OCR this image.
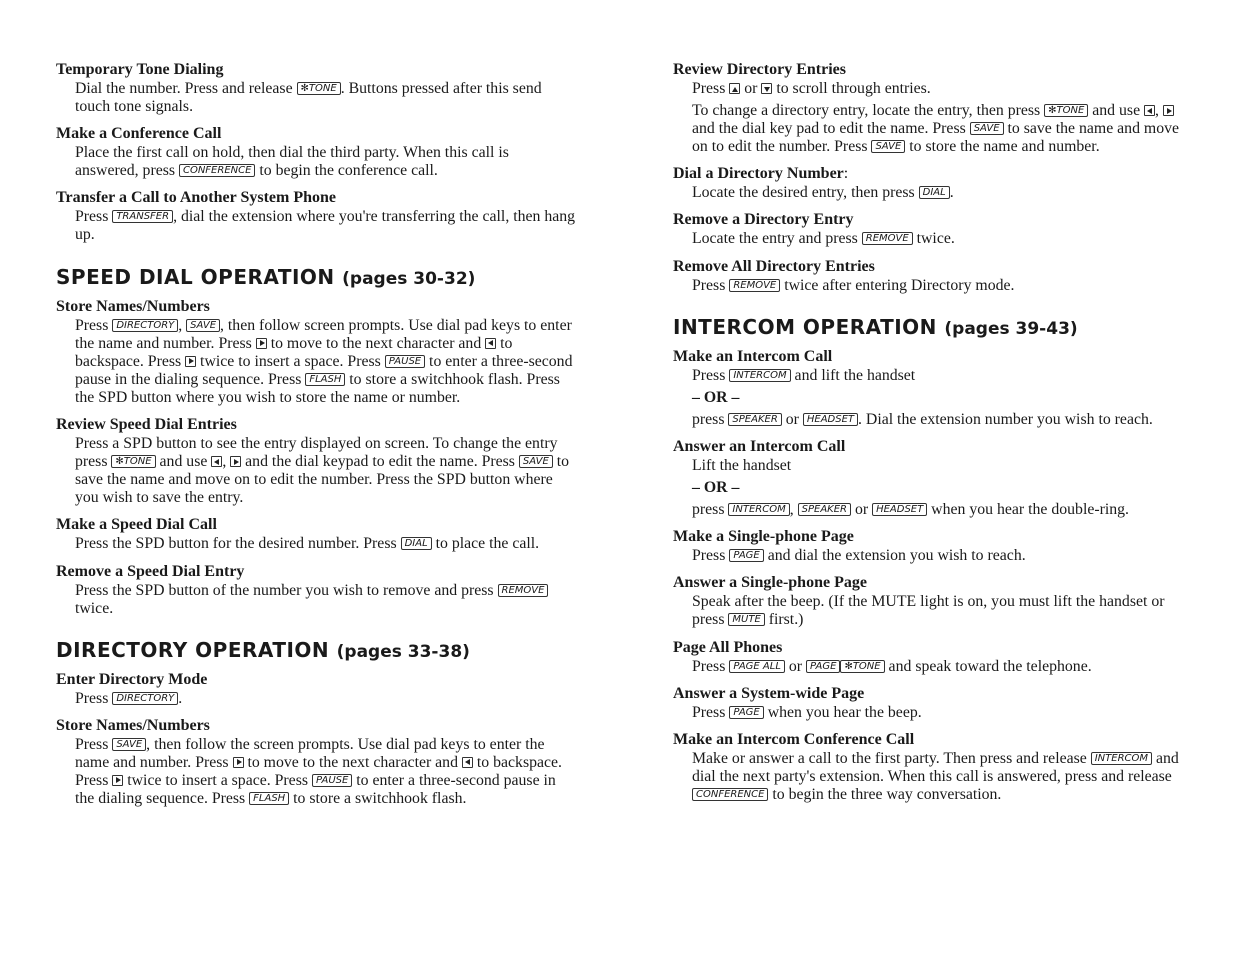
Temporary Tone Dialing
Dial the number. Press and release ✻TONE . Buttons pressed after this send touch tone signals.
Make a Conference Call
Place the first call on hold, then dial the third party. When this call is answered, press CONFERENCE to begin the conference call.
Transfer a Call to Another System Phone
Press TRANSFER , dial the extension where you're transferring the call, then hang up.
SPEED DIAL OPERATION (pages 30-32)
Store Names/Numbers
Press DIRECTORY , SAVE , then follow screen prompts. Use dial pad keys to enter the name and number. Press  to move to the next character and  to backspace. Press  twice to insert a space. Press PAUSE to enter a three-second pause in the dialing sequence. Press FLASH to store a switchhook flash. Press the SPD button where you wish to store the name or number.
Review Speed Dial Entries
Press a SPD button to see the entry displayed on screen. To change the entry press ✻TONE and use ,  and the dial keypad to edit the name. Press SAVE to save the name and move on to edit the number. Press the SPD button where you wish to save the entry.
Make a Speed Dial Call
Press the SPD button for the desired number. Press DIAL to place the call.
Remove a Speed Dial Entry
Press the SPD button of the number you wish to remove and press REMOVE twice.
DIRECTORY OPERATION (pages 33-38)
Enter Directory Mode
Press DIRECTORY .
Store Names/Numbers
Press SAVE , then follow the screen prompts. Use dial pad keys to enter the name and number. Press  to move to the next character and  to backspace. Press  twice to insert a space. Press PAUSE to enter a three-second pause in the dialing sequence. Press FLASH to store a switchhook flash.
Review Directory Entries
Press  or  to scroll through entries.
To change a directory entry, locate the entry, then press ✻TONE and use ,  and the dial key pad to edit the name. Press SAVE to save the name and move on to edit the number. Press SAVE to store the name and number.
Dial a Directory Number:
Locate the desired entry, then press DIAL .
Remove a Directory Entry
Locate the entry and press REMOVE twice.
Remove All Directory Entries
Press REMOVE twice after entering Directory mode.
INTERCOM OPERATION (pages 39-43)
Make an Intercom Call
Press INTERCOM and lift the handset
– OR –
press SPEAKER or HEADSET . Dial the extension number you wish to reach.
Answer an Intercom Call
Lift the handset
– OR –
press INTERCOM , SPEAKER or HEADSET when you hear the double-ring.
Make a Single-phone Page
Press PAGE and dial the extension you wish to reach.
Answer a Single-phone Page
Speak after the beep. (If the MUTE light is on, you must lift the handset or press MUTE first.)
Page All Phones
Press PAGE ALL or PAGE ✻TONE and speak toward the telephone.
Answer a System-wide Page
Press PAGE when you hear the beep.
Make an Intercom Conference Call
Make or answer a call to the first party. Then press and release INTERCOM and dial the next party's extension. When this call is answered, press and release CONFERENCE to begin the three way conversation.
